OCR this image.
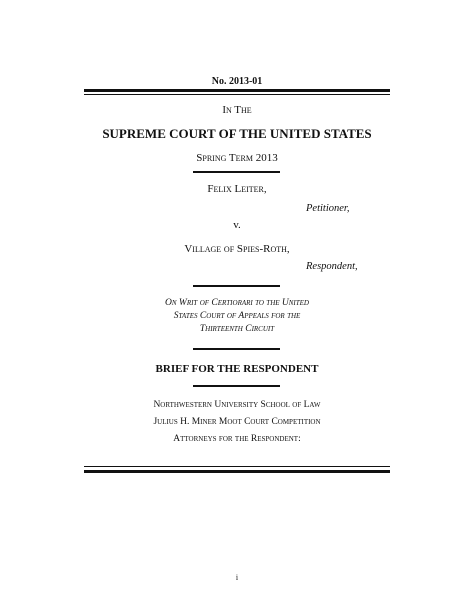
No. 2013-01
In The
SUPREME COURT OF THE UNITED STATES
Spring Term 2013
Felix Leiter,
Petitioner,
v.
Village of Spies-Roth,
Respondent,
On Writ of Certiorari to the United
States Court of Appeals for the
Thirteenth Circuit
BRIEF FOR THE RESPONDENT
Northwestern University School of Law
Julius H. Miner Moot Court Competition
Attorneys for the Respondent:
i
